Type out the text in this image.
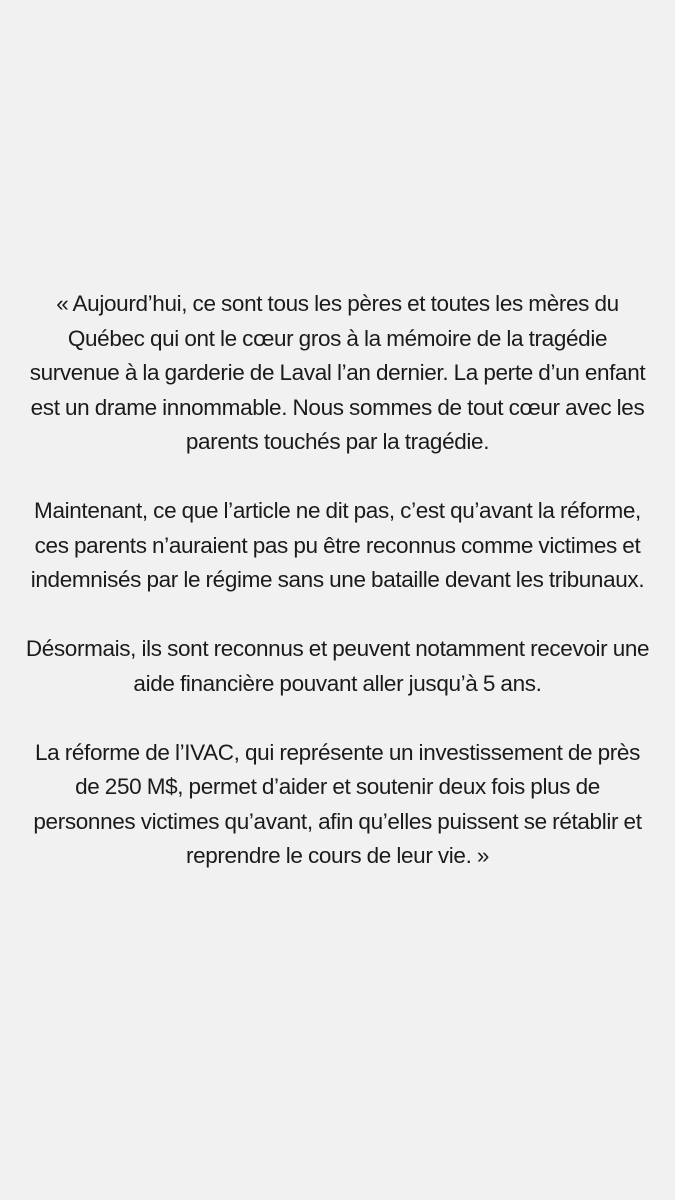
« Aujourd’hui, ce sont tous les pères et toutes les mères du Québec qui ont le cœur gros à la mémoire de la tragédie survenue à la garderie de Laval l’an dernier. La perte d’un enfant est un drame innommable. Nous sommes de tout cœur avec les parents touchés par la tragédie.

Maintenant, ce que l’article ne dit pas, c’est qu’avant la réforme, ces parents n’auraient pas pu être reconnus comme victimes et indemnisés par le régime sans une bataille devant les tribunaux.

Désormais, ils sont reconnus et peuvent notamment recevoir une aide financière pouvant aller jusqu’à 5 ans.

La réforme de l’IVAC, qui représente un investissement de près de 250 M$, permet d’aider et soutenir deux fois plus de personnes victimes qu’avant, afin qu’elles puissent se rétablir et reprendre le cours de leur vie. »
